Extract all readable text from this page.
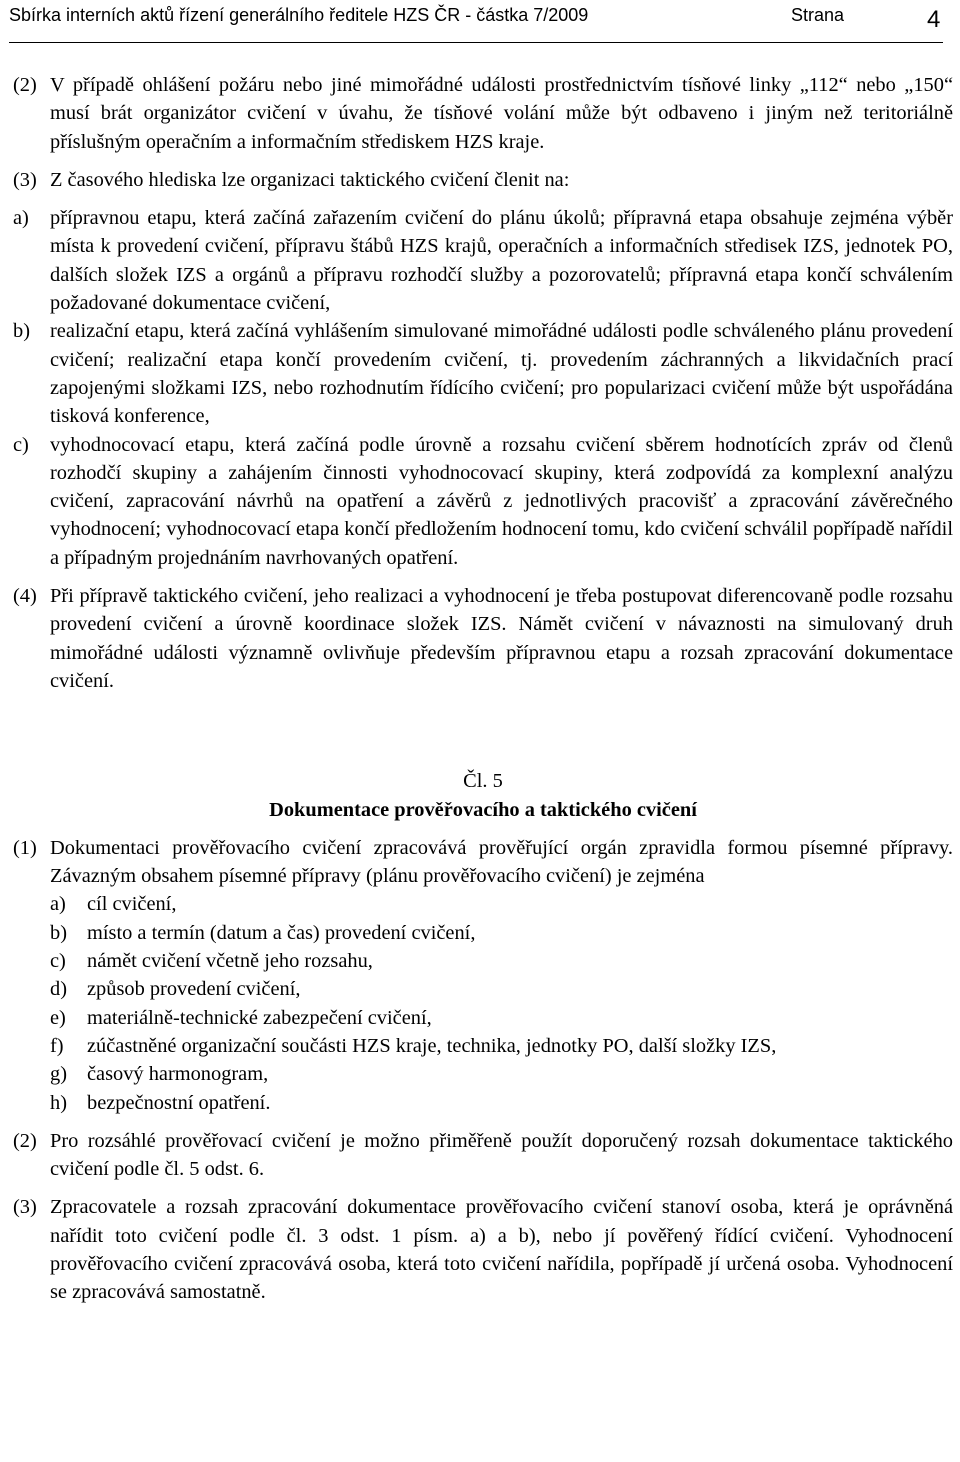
Sbírka interních aktů řízení generálního ředitele HZS ČR - částka 7/2009	Strana	4
(2) V případě ohlášení požáru nebo jiné mimořádné události prostřednictvím tísňové linky „112“ nebo „150“ musí brát organizátor cvičení v úvahu, že tísňové volání může být odbaveno i jiným než teritoriálně příslušným operačním a informačním střediskem HZS kraje.
(3) Z časového hlediska lze organizaci taktického cvičení členit na:
a)	přípravnou etapu, která začíná zařazením cvičení do plánu úkolů; přípravná etapa obsahuje zejména výběr místa k provedení cvičení, přípravu štábů HZS krajů, operačních a informačních středisek IZS, jednotek PO, dalších složek IZS a orgánů a přípravu rozhodčí služby a pozorovatelů; přípravná etapa končí schválením požadované dokumentace cvičení,
b) realizační etapu, která začíná vyhlášením simulované mimořádné události podle schváleného plánu provedení cvičení; realizační etapa končí provedením cvičení, tj. provedením záchranných a likvidačních prací zapojenými složkami IZS, nebo rozhodnutím řídícího cvičení; pro popularizaci cvičení může být uspořádána tisková konference,
c)	vyhodnocovací etapu, která začíná podle úrovně a rozsahu cvičení sběrem hodnotících zpráv od členů rozhodčí skupiny a zahájením činnosti vyhodnocovací skupiny, která zodpovídá za komplexní analýzu cvičení, zapracování návrhů na opatření a závěrů z jednotlivých pracovišť a zpracování závěrečného vyhodnocení; vyhodnocovací etapa končí předložením hodnocení tomu, kdo cvičení schválil popřípadě nařídil a případným projednáním navrhovaných opatření.
(4) Při přípravě taktického cvičení, jeho realizaci a vyhodnocení je třeba postupovat diferencovaně podle rozsahu provedení cvičení a úrovně koordinace složek IZS. Námět cvičení v návaznosti na simulovaný druh mimořádné události významně ovlivňuje především přípravnou etapu a rozsah zpracování dokumentace cvičení.
Čl. 5
Dokumentace prověřovacího a taktického cvičení
(1) Dokumentaci prověřovacího cvičení zpracovává prověřující orgán zpravidla formou písemné přípravy. Závazným obsahem písemné přípravy (plánu prověřovacího cvičení) je zejména
a)	cíl cvičení,
b) místo a termín (datum a čas) provedení cvičení,
c)	námět cvičení včetně jeho rozsahu,
d) způsob provedení cvičení,
e)	materiálně-technické zabezpečení cvičení,
f)	zúčastněné organizační součásti HZS kraje, technika, jednotky PO, další složky IZS,
g) časový harmonogram,
h) bezpečnostní opatření.
(2) Pro rozsáhlé prověřovací cvičení je možno přiměřeně použít doporučený rozsah dokumentace taktického cvičení podle čl. 5 odst. 6.
(3) Zpracovatele a rozsah zpracování dokumentace prověřovacího cvičení stanoví osoba, která je oprávněná nařídit toto cvičení podle čl. 3 odst. 1 písm. a) a b), nebo jí pověřený řídící cvičení. Vyhodnocení prověřovacího cvičení zpracovává osoba, která toto cvičení nařídila, popřípadě jí určená osoba. Vyhodnocení se zpracovává samostatně.
